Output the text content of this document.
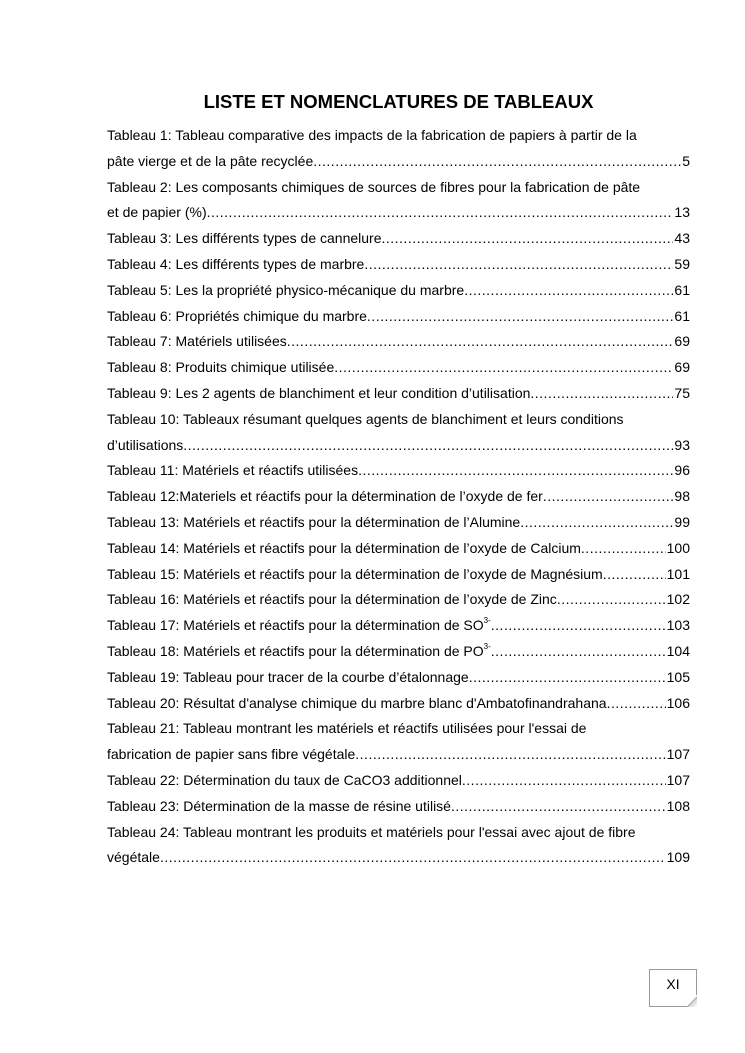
LISTE ET NOMENCLATURES DE TABLEAUX
Tableau 1: Tableau comparative des impacts de la fabrication de papiers à partir de la
pâte vierge et de la pâte recyclée .....	5
Tableau 2: Les composants chimiques de sources de fibres pour la fabrication de pâte
et de papier (%) .....	13
Tableau 3: Les différents types de cannelure .....	43
Tableau 4: Les différents types de marbre .....	59
Tableau 5: Les la propriété physico-mécanique du marbre .....	61
Tableau 6: Propriétés chimique du marbre .....	61
Tableau 7: Matériels utilisées .....	69
Tableau 8: Produits chimique utilisée .....	69
Tableau 9: Les 2 agents de blanchiment et leur condition d’utilisation .....	75
Tableau 10: Tableaux résumant quelques agents de blanchiment et leurs conditions
d’utilisations .....	93
Tableau 11: Matériels et réactifs utilisées .....	96
Tableau 12:Materiels et réactifs pour la détermination de l’oxyde de fer .....	98
Tableau 13: Matériels et réactifs pour la détermination de l’Alumine .....	99
Tableau 14: Matériels et réactifs pour la détermination de l’oxyde de Calcium .....	100
Tableau 15: Matériels et réactifs pour la détermination de l’oxyde de Magnésium .....	101
Tableau 16: Matériels et réactifs pour la détermination de l’oxyde de Zinc .....	102
Tableau 17: Matériels et réactifs pour la détermination de $SO^{3-}$ .....	103
Tableau 18: Matériels et réactifs pour la détermination de $PO^{3-}$ .....	104
Tableau 19: Tableau pour tracer de la courbe d’étalonnage .....	105
Tableau 20: Résultat d'analyse chimique du marbre blanc d'Ambatofinandrahana .....	106
Tableau 21: Tableau montrant les matériels et réactifs utilisées pour l'essai de
fabrication de papier sans fibre végétale .....	107
Tableau 22: Détermination du taux de CaCO3 additionnel .....	107
Tableau 23: Détermination de la masse de résine utilisé .....	108
Tableau 24: Tableau montrant les produits et matériels pour l'essai avec ajout de fibre
végétale .....	109
XI
